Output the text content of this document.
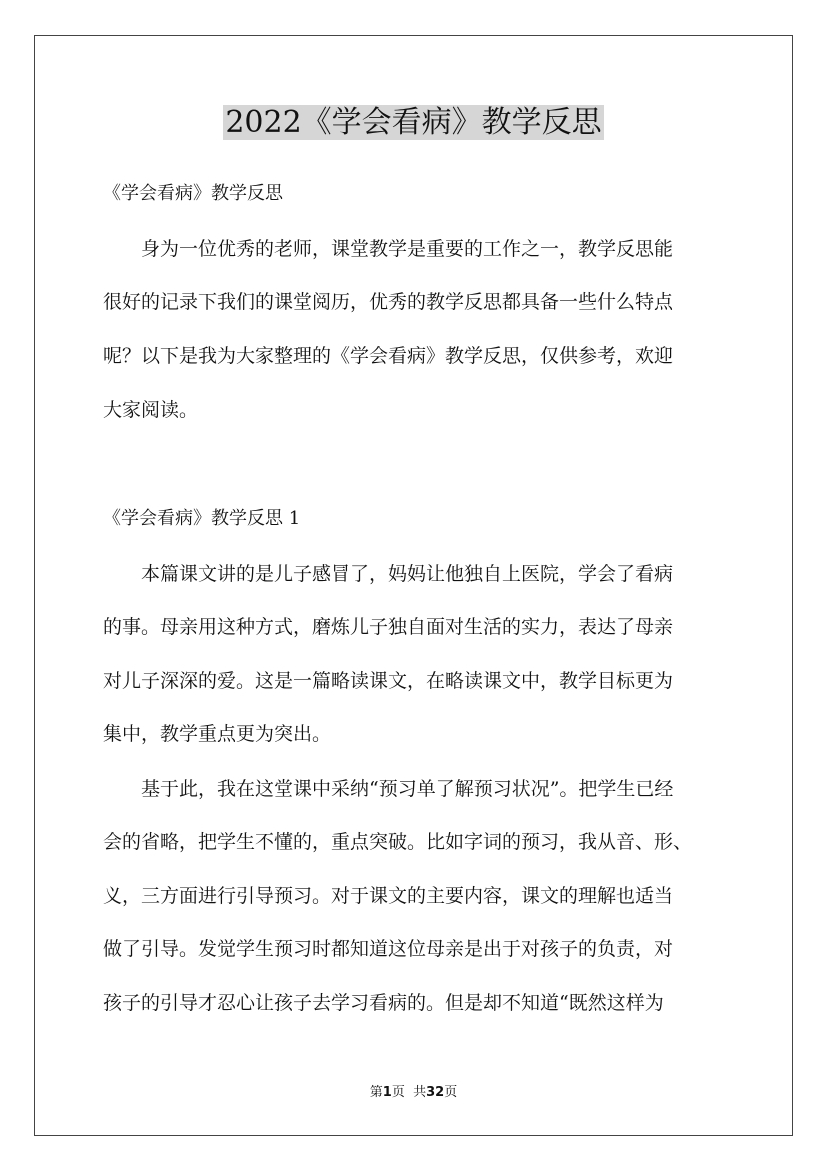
2022《学会看病》教学反思
《学会看病》教学反思
身为一位优秀的老师，课堂教学是重要的工作之一，教学反思能
很好的记录下我们的课堂阅历，优秀的教学反思都具备一些什么特点
呢？以下是我为大家整理的《学会看病》教学反思，仅供参考，欢迎
大家阅读。
《学会看病》教学反思 1
本篇课文讲的是儿子感冒了，妈妈让他独自上医院，学会了看病
的事。母亲用这种方式，磨炼儿子独自面对生活的实力，表达了母亲
对儿子深深的爱。这是一篇略读课文，在略读课文中，教学目标更为
集中，教学重点更为突出。
基于此，我在这堂课中采纳“预习单了解预习状况”。把学生已经
会的省略，把学生不懂的，重点突破。比如字词的预习，我从音、形、
义，三方面进行引导预习。对于课文的主要内容，课文的理解也适当
做了引导。发觉学生预习时都知道这位母亲是出于对孩子的负责，对
孩子的引导才忍心让孩子去学习看病的。但是却不知道“既然这样为
第1页 共32页
